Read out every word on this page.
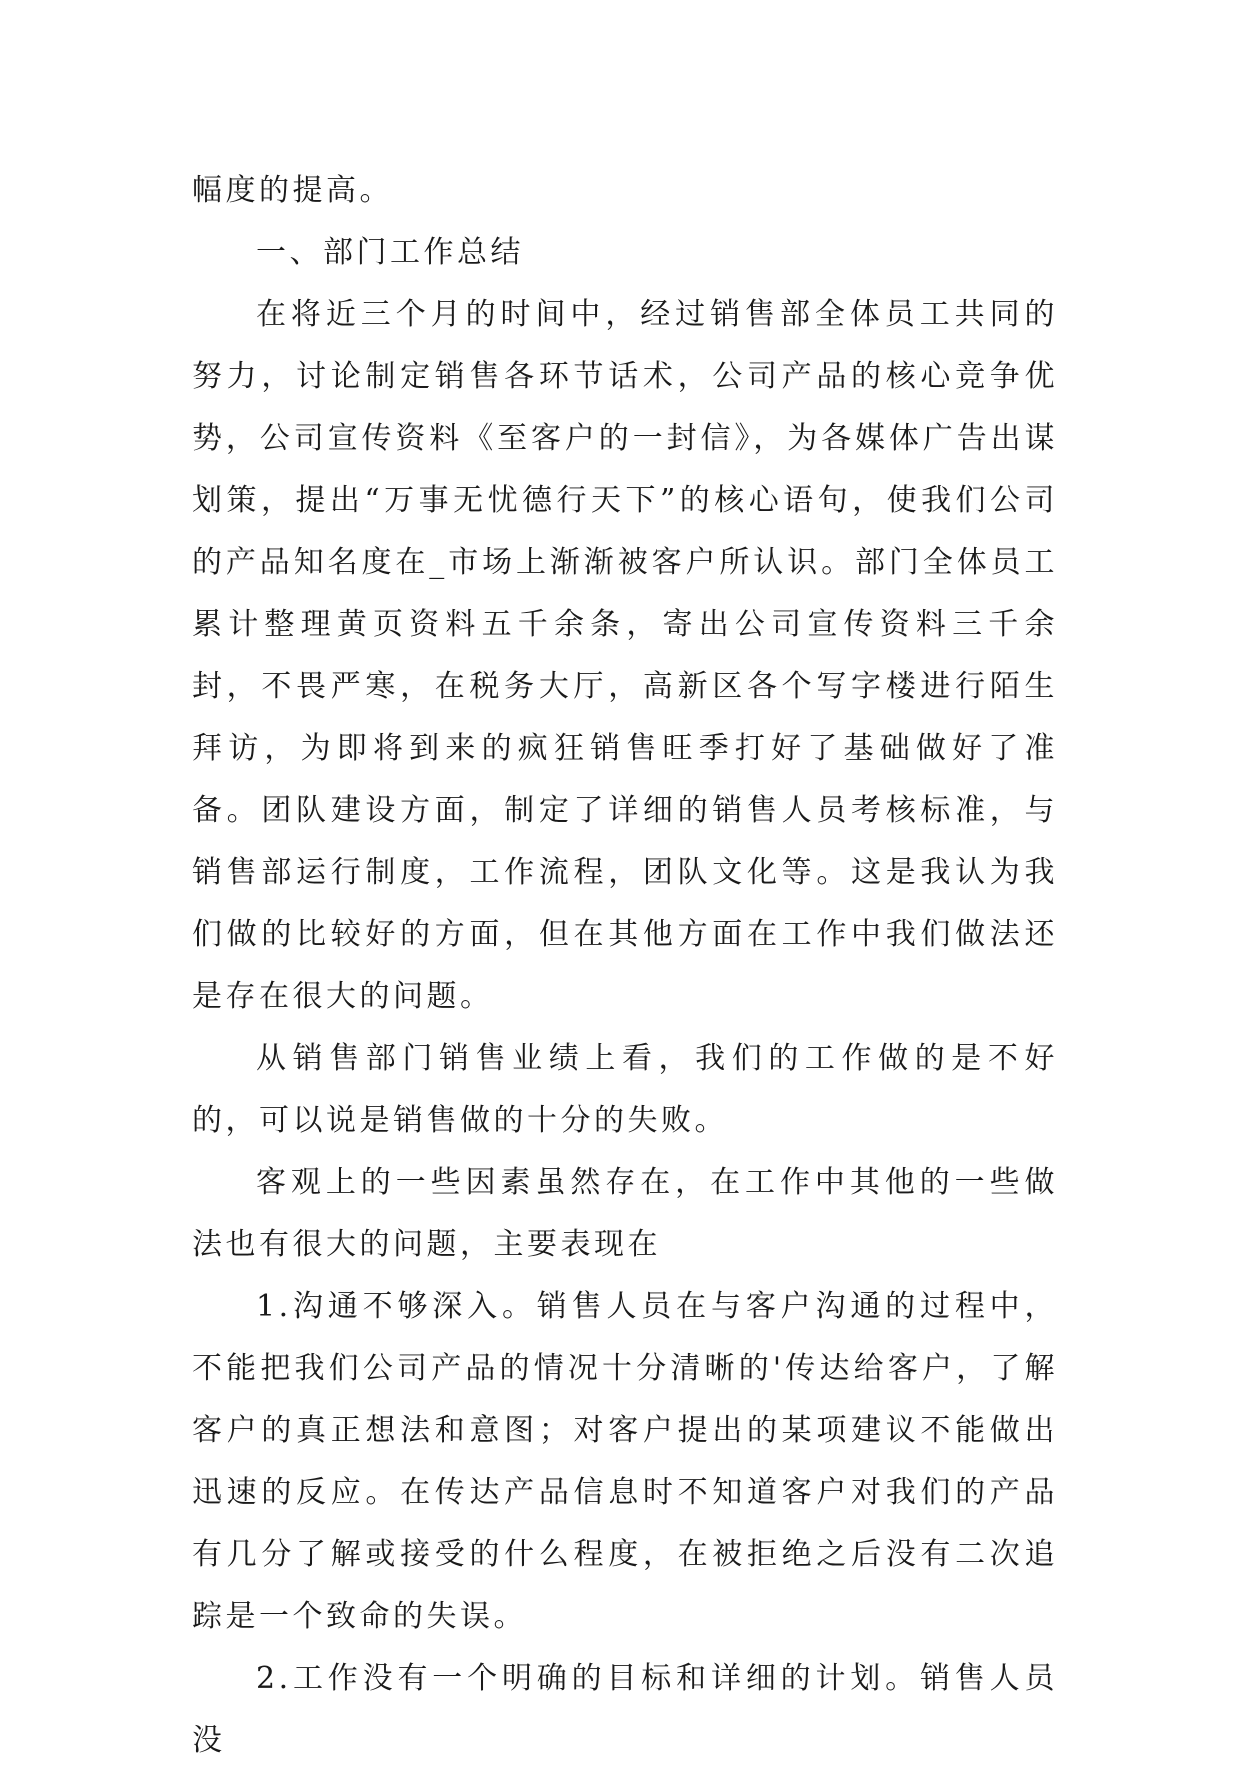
幅度的提高。

一、部门工作总结

在将近三个月的时间中，经过销售部全体员工共同的努力，讨论制定销售各环节话术，公司产品的核心竞争优势，公司宣传资料《至客户的一封信》，为各媒体广告出谋划策，提出“万事无忧德行天下”的核心语句，使我们公司的产品知名度在_市场上渐渐被客户所认识。部门全体员工累计整理黄页资料五千余条，寄出公司宣传资料三千余封，不畏严寒，在税务大厅，高新区各个写字楼进行陌生拜访，为即将到来的疯狂销售旺季打好了基础做好了准备。团队建设方面，制定了详细的销售人员考核标准，与销售部运行制度，工作流程，团队文化等。这是我认为我们做的比较好的方面，但在其他方面在工作中我们做法还是存在很大的问题。

从销售部门销售业绩上看，我们的工作做的是不好的，可以说是销售做的十分的失败。

客观上的一些因素虽然存在，在工作中其他的一些做法也有很大的问题，主要表现在

1.沟通不够深入。销售人员在与客户沟通的过程中，不能把我们公司产品的情况十分清晰的'传达给客户，了解客户的真正想法和意图；对客户提出的某项建议不能做出迅速的反应。在传达产品信息时不知道客户对我们的产品有几分了解或接受的什么程度，在被拒绝之后没有二次追踪是一个致命的失误。

2.工作没有一个明确的目标和详细的计划。销售人员没
